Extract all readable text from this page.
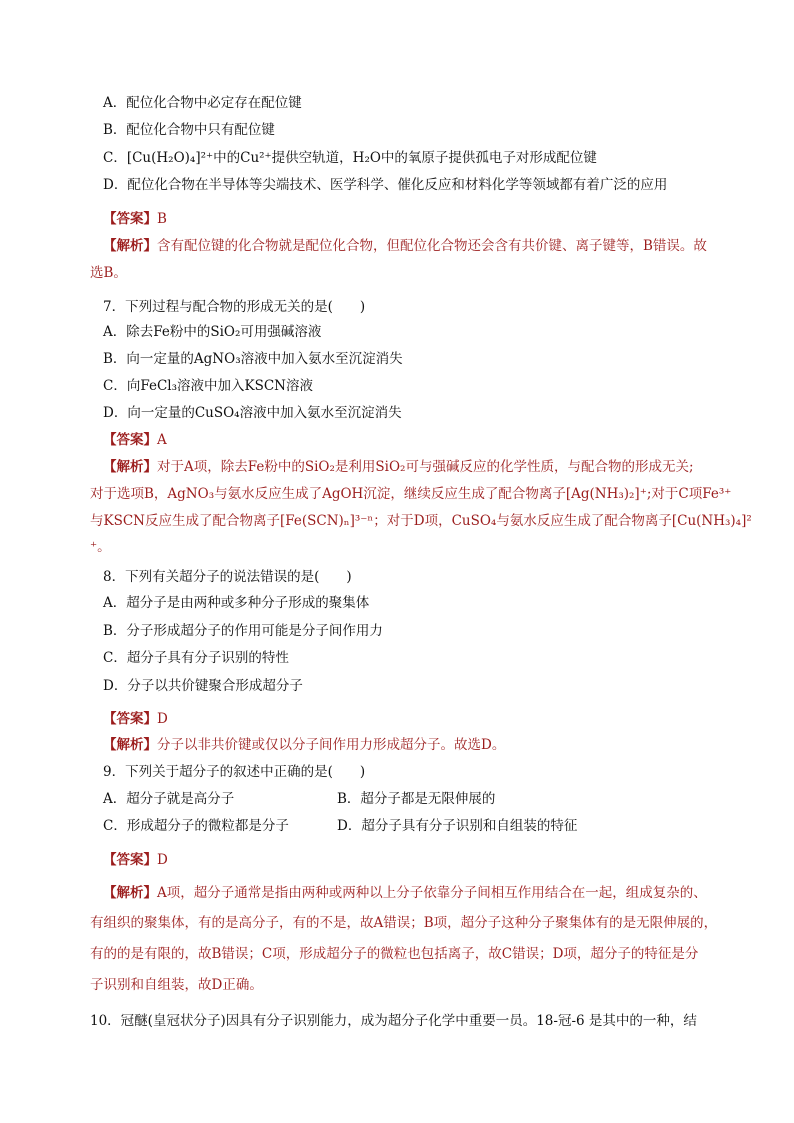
A．配位化合物中必定存在配位键
B．配位化合物中只有配位键
C．[Cu(H₂O)₄]²⁺中的Cu²⁺提供空轨道，H₂O中的氧原子提供孤电子对形成配位键
D．配位化合物在半导体等尖端技术、医学科学、催化反应和材料化学等领域都有着广泛的应用
【答案】B
【解析】含有配位键的化合物就是配位化合物，但配位化合物还会含有共价键、离子键等，B错误。故
选B。
7．下列过程与配合物的形成无关的是(　　)
A．除去Fe粉中的SiO₂可用强碱溶液
B．向一定量的AgNO₃溶液中加入氨水至沉淀消失
C．向FeCl₃溶液中加入KSCN溶液
D．向一定量的CuSO₄溶液中加入氨水至沉淀消失
【答案】A
【解析】对于A项，除去Fe粉中的SiO₂是利用SiO₂可与强碱反应的化学性质，与配合物的形成无关;
对于选项B，AgNO₃与氨水反应生成了AgOH沉淀，继续反应生成了配合物离子[Ag(NH₃)₂]⁺;对于C项Fe³⁺
与KSCN反应生成了配合物离子[Fe(SCN)ₙ]³⁻ⁿ；对于D项，CuSO₄与氨水反应生成了配合物离子[Cu(NH₃)₄]²
⁺。
8．下列有关超分子的说法错误的是(　　)
A．超分子是由两种或多种分子形成的聚集体
B．分子形成超分子的作用可能是分子间作用力
C．超分子具有分子识别的特性
D．分子以共价键聚合形成超分子
【答案】D
【解析】分子以非共价键或仅以分子间作用力形成超分子。故选D。
9．下列关于超分子的叙述中正确的是(　　)
A．超分子就是高分子	B．超分子都是无限伸展的
C．形成超分子的微粒都是分子	D．超分子具有分子识别和自组装的特征
【答案】D
【解析】A项，超分子通常是指由两种或两种以上分子依靠分子间相互作用结合在一起，组成复杂的、
有组织的聚集体，有的是高分子，有的不是，故A错误；B项，超分子这种分子聚集体有的是无限伸展的，
有的的是有限的，故B错误；C项，形成超分子的微粒也包括离子，故C错误；D项，超分子的特征是分
子识别和自组装，故D正确。
10．冠醚(皇冠状分子)因具有分子识别能力，成为超分子化学中重要一员。18-冠-6 是其中的一种，结
